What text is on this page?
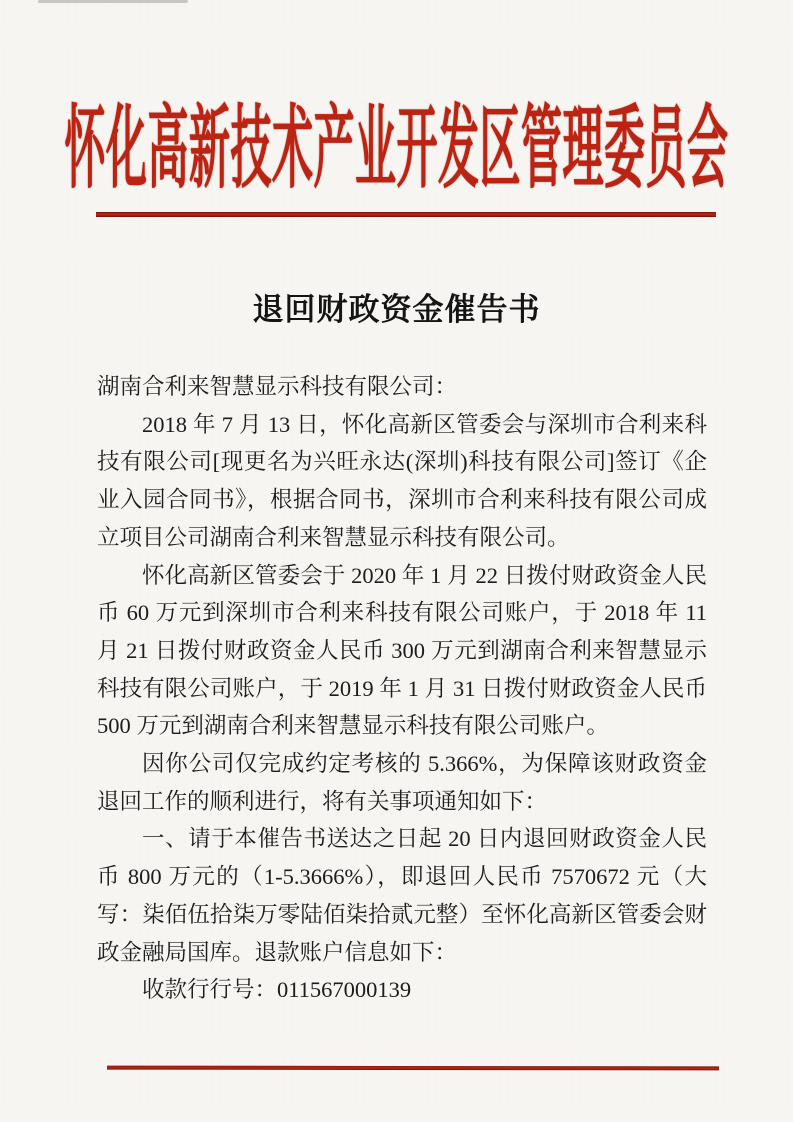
怀化高新技术产业开发区管理委员会
退回财政资金催告书

湖南合利来智慧显示科技有限公司：

2018 年 7 月 13 日，怀化高新区管委会与深圳市合利来科技有限公司[现更名为兴旺永达(深圳)科技有限公司]签订《企业入园合同书》，根据合同书，深圳市合利来科技有限公司成立项目公司湖南合利来智慧显示科技有限公司。

怀化高新区管委会于 2020 年 1 月 22 日拨付财政资金人民币 60 万元到深圳市合利来科技有限公司账户，于 2018 年 11 月 21 日拨付财政资金人民币 300 万元到湖南合利来智慧显示科技有限公司账户，于 2019 年 1 月 31 日拨付财政资金人民币 500 万元到湖南合利来智慧显示科技有限公司账户。

因你公司仅完成约定考核的 5.366%，为保障该财政资金退回工作的顺利进行，将有关事项通知如下：

一、请于本催告书送达之日起 20 日内退回财政资金人民币 800 万元的（1-5.3666%），即退回人民币 7570672 元（大写：柒佰伍拾柒万零陆佰柒拾贰元整）至怀化高新区管委会财政金融局国库。退款账户信息如下：

收款行行号：011567000139
